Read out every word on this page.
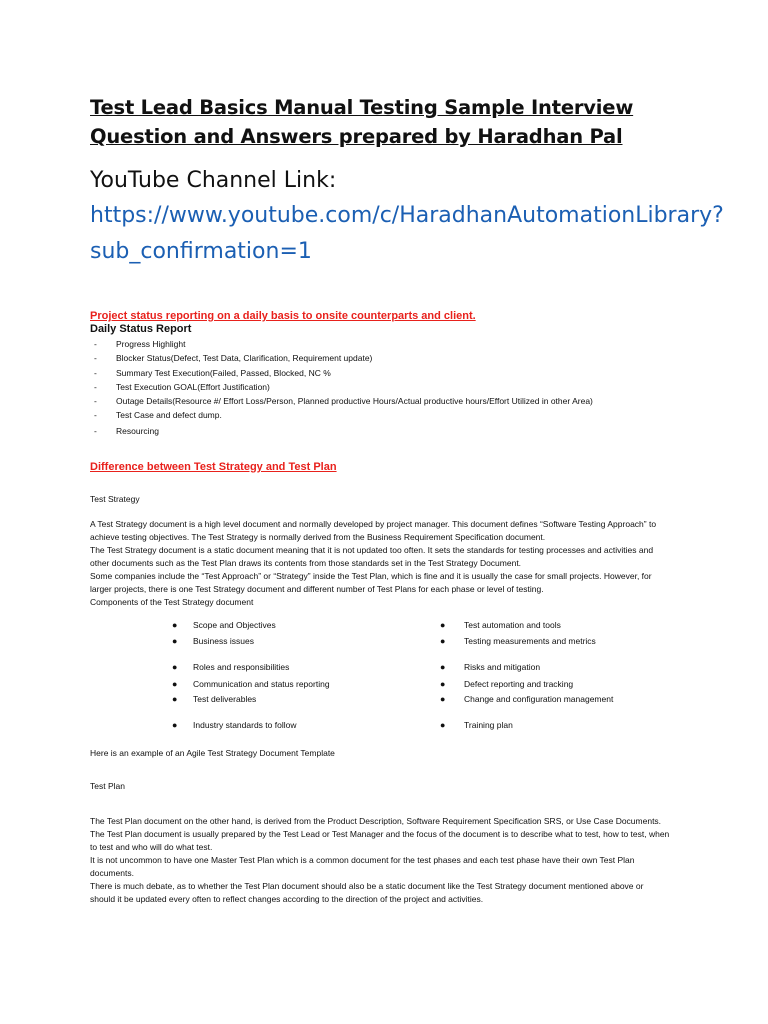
Test Lead Basics Manual Testing Sample Interview Question and Answers prepared by Haradhan Pal
YouTube Channel Link:
https://www.youtube.com/c/HaradhanAutomationLibrary?sub_confirmation=1
Project status reporting on a daily basis to onsite counterparts and client.
Daily Status Report
- Progress Highlight
- Blocker Status(Defect, Test Data, Clarification, Requirement update)
- Summary Test Execution(Failed, Passed, Blocked, NC %
- Test Execution GOAL(Effort Justification)
- Outage Details(Resource #/ Effort Loss/Person, Planned productive Hours/Actual productive hours/Effort Utilized in other Area)
- Test Case and defect dump.
- Resourcing
Difference between Test Strategy and Test Plan
Test Strategy

A Test Strategy document is a high level document and normally developed by project manager. This document defines “Software Testing Approach” to achieve testing objectives. The Test Strategy is normally derived from the Business Requirement Specification document.

The Test Strategy document is a static document meaning that it is not updated too often. It sets the standards for testing processes and activities and other documents such as the Test Plan draws its contents from those standards set in the Test Strategy Document.

Some companies include the “Test Approach” or “Strategy” inside the Test Plan, which is fine and it is usually the case for small projects. However, for larger projects, there is one Test Strategy document and different number of Test Plans for each phase or level of testing.

Components of the Test Strategy document

● Scope and Objectives	● Test automation and tools
● Business issues	● Testing measurements and metrics
● Roles and responsibilities	● Risks and mitigation
● Communication and status reporting	● Defect reporting and tracking
● Test deliverables	● Change and configuration management
● Industry standards to follow	● Training plan
Here is an example of an Agile Test Strategy Document Template
Test Plan

The Test Plan document on the other hand, is derived from the Product Description, Software Requirement Specification SRS, or Use Case Documents.

The Test Plan document is usually prepared by the Test Lead or Test Manager and the focus of the document is to describe what to test, how to test, when to test and who will do what test.

It is not uncommon to have one Master Test Plan which is a common document for the test phases and each test phase have their own Test Plan documents.

There is much debate, as to whether the Test Plan document should also be a static document like the Test Strategy document mentioned above or should it be updated every often to reflect changes according to the direction of the project and activities.
